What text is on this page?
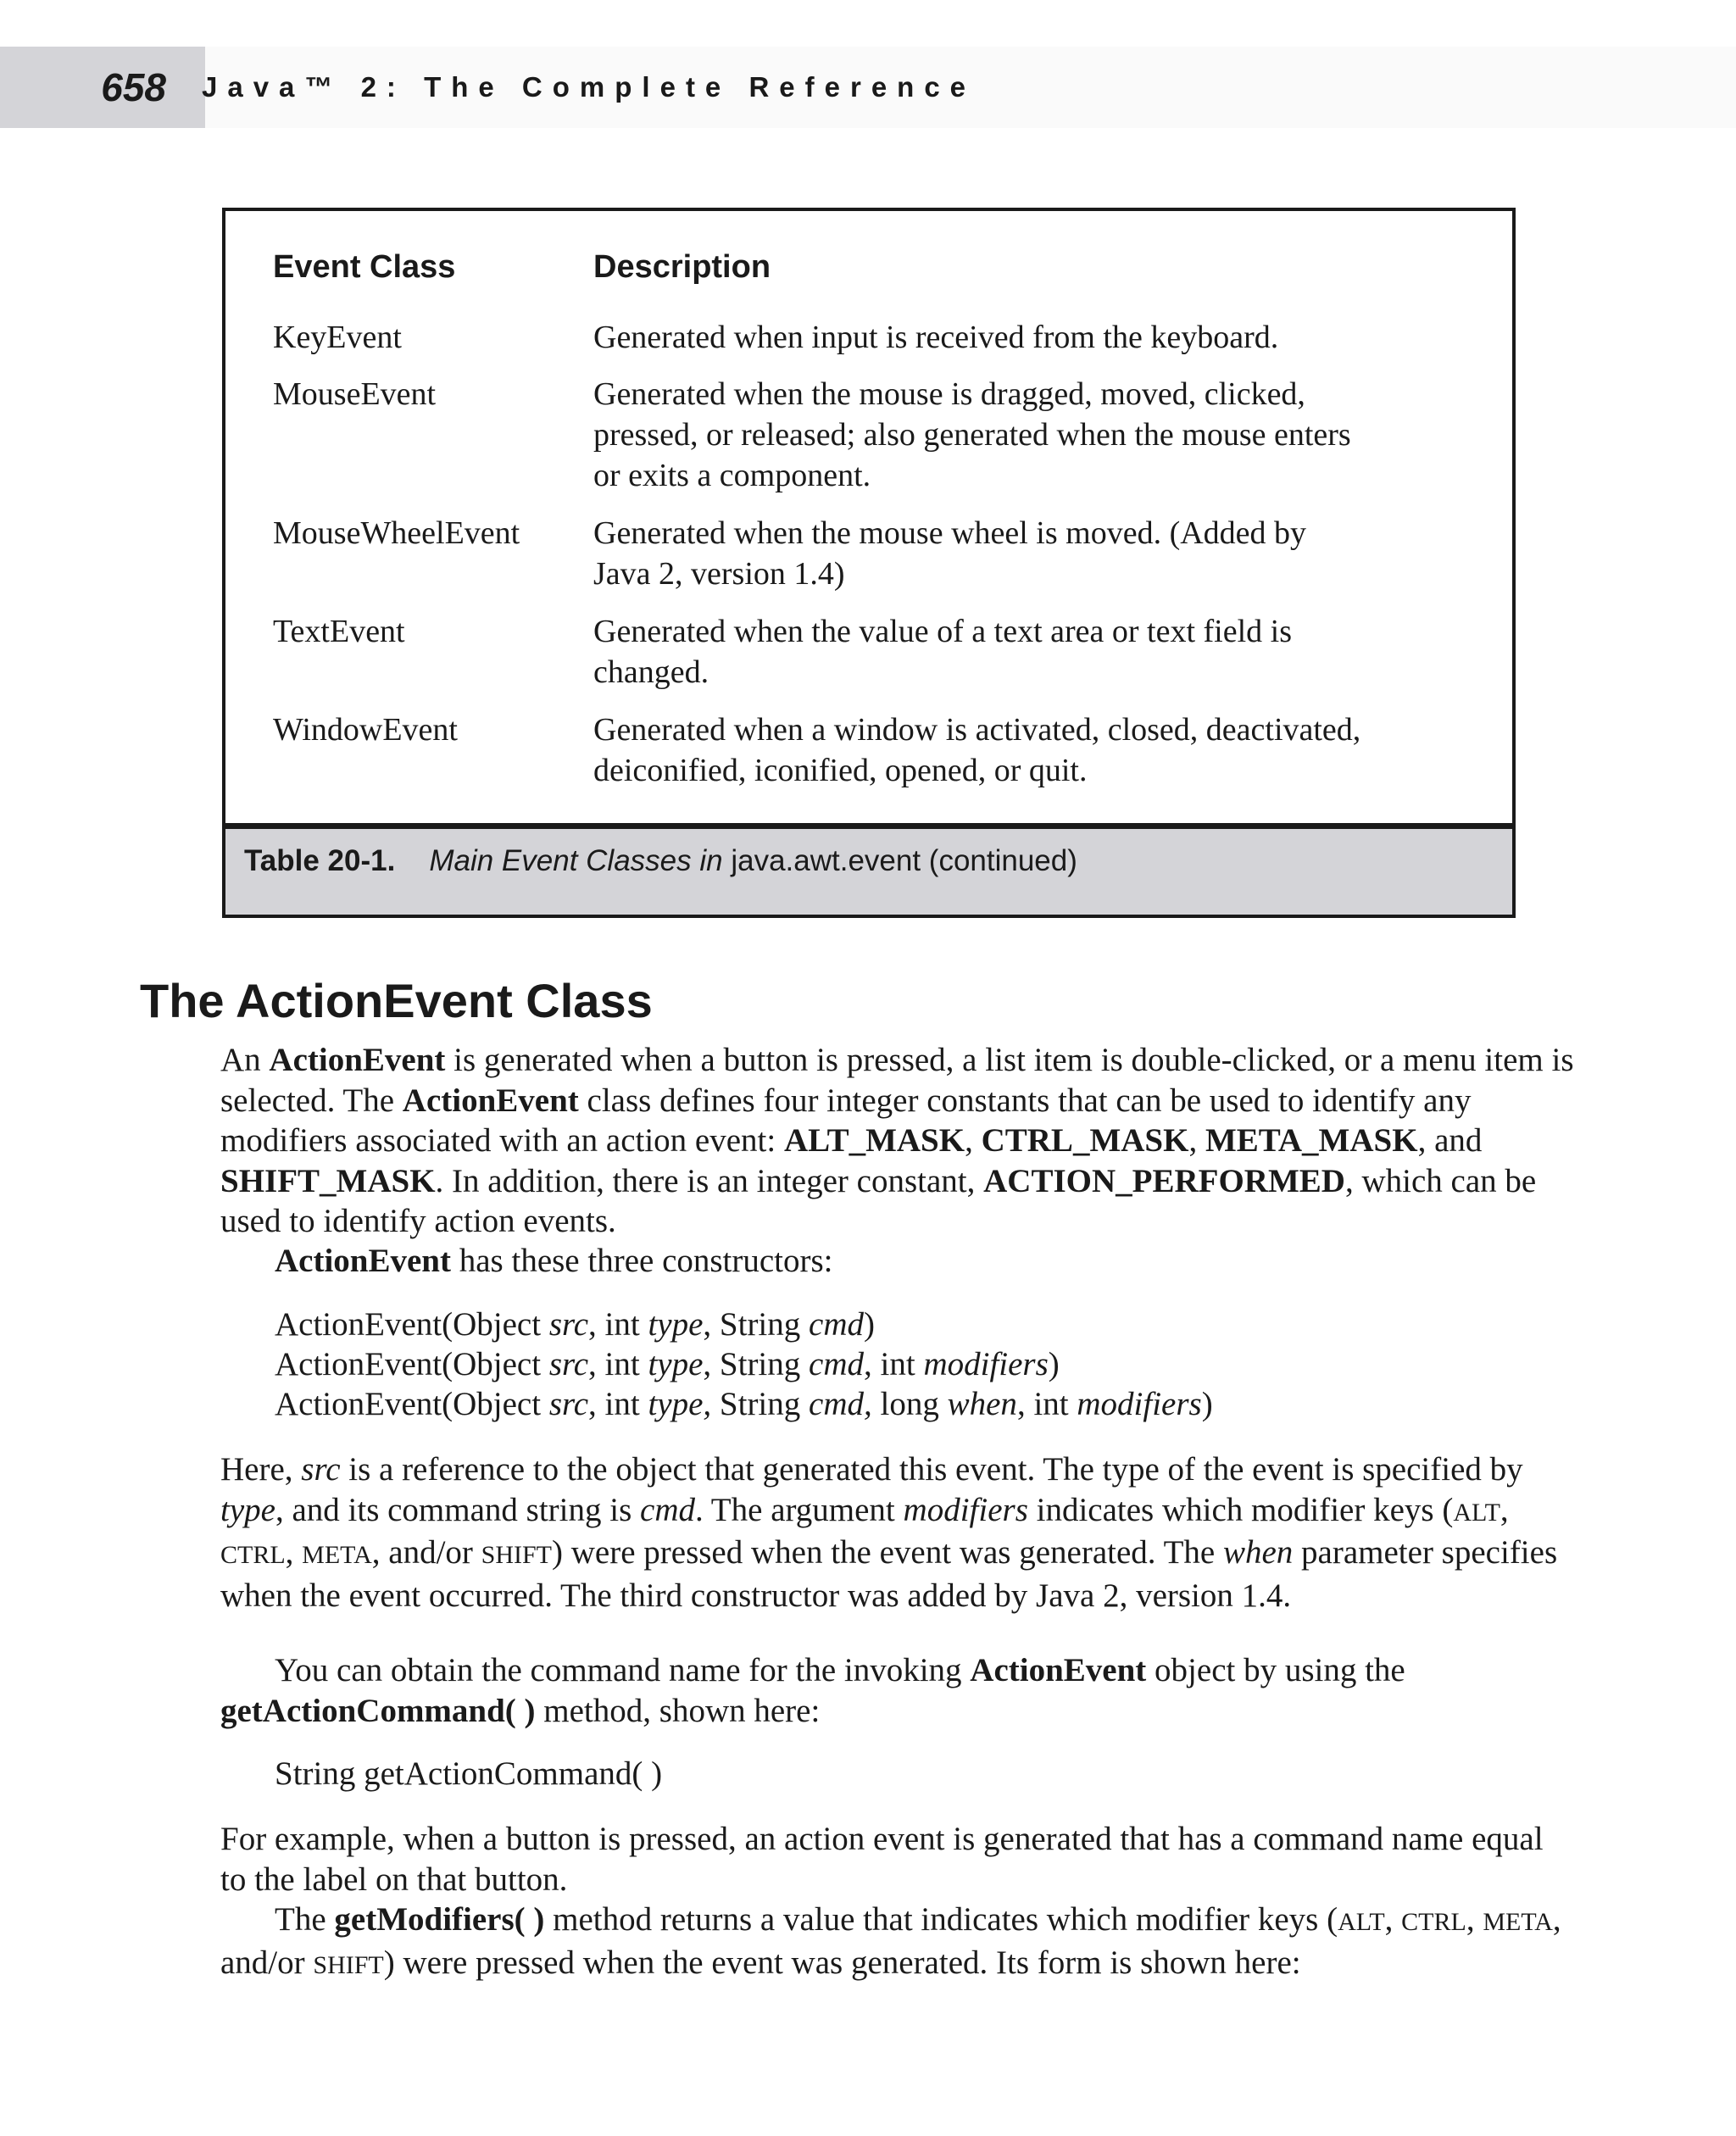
658	Java™ 2: The Complete Reference
Event Class	Description
KeyEvent	Generated when input is received from the keyboard.
MouseEvent	Generated when the mouse is dragged, moved, clicked,
pressed, or released; also generated when the mouse enters
or exits a component.
MouseWheelEvent	Generated when the mouse wheel is moved. (Added by
Java 2, version 1.4)
TextEvent	Generated when the value of a text area or text field is
changed.
WindowEvent	Generated when a window is activated, closed, deactivated,
deiconified, iconified, opened, or quit.
Table 20-1. Main Event Classes in java.awt.event (continued)
The ActionEvent Class

An ActionEvent is generated when a button is pressed, a list item is double-clicked, or a menu item is selected. The ActionEvent class defines four integer constants that can be used to identify any modifiers associated with an action event: ALT_MASK, CTRL_MASK, META_MASK, and SHIFT_MASK. In addition, there is an integer constant, ACTION_PERFORMED, which can be used to identify action events.

ActionEvent has these three constructors:

ActionEvent(Object src, int type, String cmd)

ActionEvent(Object src, int type, String cmd, int modifiers)

ActionEvent(Object src, int type, String cmd, long when, int modifiers)

Here, src is a reference to the object that generated this event. The type of the event is specified by type, and its command string is cmd. The argument modifiers indicates which modifier keys (ALT, CTRL, META, and/or SHIFT) were pressed when the event was generated. The when parameter specifies when the event occurred. The third constructor was added by Java 2, version 1.4.

You can obtain the command name for the invoking ActionEvent object by using the getActionCommand( ) method, shown here:

String getActionCommand( )

For example, when a button is pressed, an action event is generated that has a command name equal to the label on that button.

The getModifiers( ) method returns a value that indicates which modifier keys (ALT, CTRL, META, and/or SHIFT) were pressed when the event was generated. Its form is shown here:
